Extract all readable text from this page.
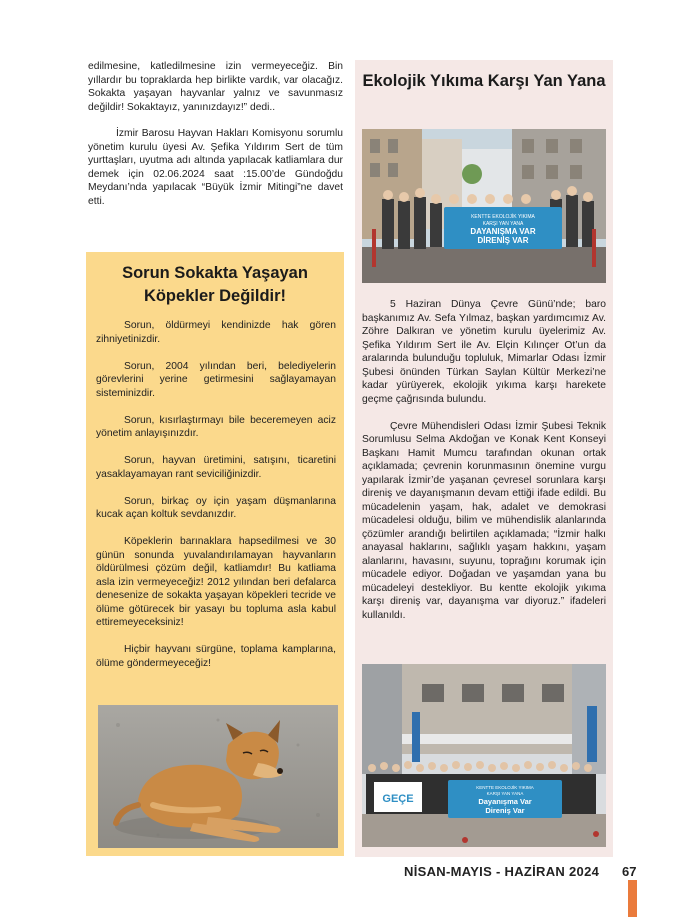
edilmesine, katledilmesine izin vermeyeceğiz. Bin yıllardır bu topraklarda hep birlikte vardık, var olacağız. Sokakta yaşayan hayvanlar yalnız ve savunmasız değildir! Sokaktayız, yanınızdayız!” dedi..

İzmir Barosu Hayvan Hakları Komisyonu sorumlu yönetim kurulu üyesi Av. Şefika Yıldırım Sert de tüm yurttaşları, uyutma adı altında yapılacak katliamlara dur demek için 02.06.2024 saat :15.00’de Gündoğdu Meydanı’nda yapılacak “Büyük İzmir Mitingi”ne davet etti.

Sorun Sokakta Yaşayan Köpekler Değildir!

Sorun, öldürmeyi kendinizde hak gören zihniyetinizdir.

Sorun, 2004 yılından beri, belediyelerin görevlerini yerine getirmesini sağlayamayan sisteminizdir.

Sorun, kısırlaştırmayı bile beceremeyen aciz yönetim anlayışınızdır.

Sorun, hayvan üretimini, satışını, ticaretini yasaklayamayan rant seviciliğinizdir.

Sorun, birkaç oy için yaşam düşmanlarına kucak açan koltuk sevdanızdır.

Köpeklerin barınaklara hapsedilmesi ve 30 günün sonunda yuvalandırılamayan hayvanların öldürülmesi çözüm değil, katliamdır! Bu katliama asla izin vermeyeceğiz! 2012 yılından beri defalarca denesenize de sokakta yaşayan köpekleri tecride ve ölüme götürecek bir yasayı bu topluma asla kabul ettiremeyeceksiniz!

Hiçbir hayvanı sürgüne, toplama kamplarına, ölüme göndermeyeceğiz!

Ekolojik Yıkıma Karşı Yan Yana
KENTTE EKOLOJİK YIKIMA
KARŞI YAN YANA
DAYANIŞMA VAR
DİRENİŞ VAR

5 Haziran Dünya Çevre Günü’nde; baro başkanımız Av. Sefa Yılmaz, başkan yardımcımız Av. Zöhre Dalkıran ve yönetim kurulu üyelerimiz Av. Şefika Yıldırım Sert ile Av. Elçin Kılınçer Ot’un da aralarında bulunduğu topluluk, Mimarlar Odası İzmir Şubesi önünden Türkan Saylan Kültür Merkezi’ne kadar yürüyerek, ekolojik yıkıma karşı harekete geçme çağrısında bulundu.

Çevre Mühendisleri Odası İzmir Şubesi Teknik Sorumlusu Selma Akdoğan ve Konak Kent Konseyi Başkanı Hamit Mumcu tarafından okunan ortak açıklamada; çevrenin korunmasının önemine vurgu yapılarak İzmir’de yaşanan çevresel sorunlara karşı direniş ve dayanışmanın devam ettiği ifade edildi. Bu mücadelenin yaşam, hak, adalet ve demokrasi mücadelesi olduğu, bilim ve mühendislik alanlarında çözümler arandığı belirtilen açıklamada; “İzmir halkı anayasal haklarını, sağlıklı yaşam hakkını, yaşam alanlarını, havasını, suyunu, toprağını korumak için mücadele ediyor. Doğadan ve yaşamdan yana bu mücadeleyi destekliyor. Bu kentte ekolojik yıkıma karşı direniş var, dayanışma var diyoruz.” ifadeleri kullanıldı.

GEÇE
KENTTE EKOLOJİK YIKIMA
KARŞI YAN YANA
Dayanışma Var
Direniş Var
NİSAN-MAYIS - HAZİRAN 2024 67
